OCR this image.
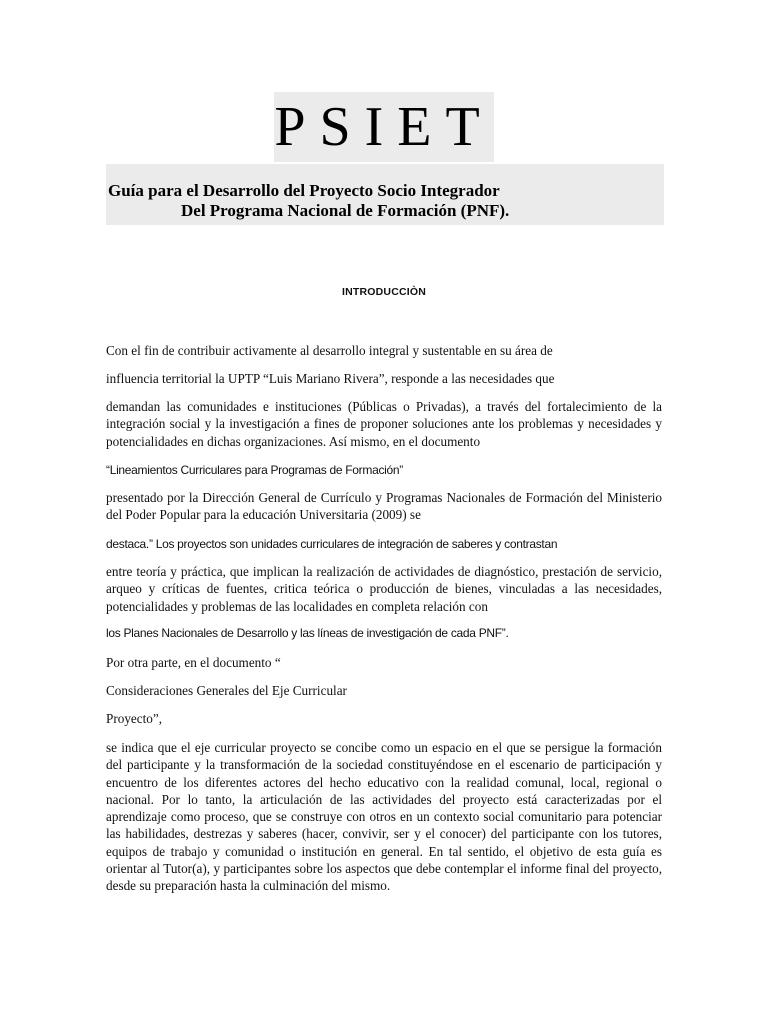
PSIET
Guía para el Desarrollo del Proyecto Socio Integrador
Del Programa Nacional de Formación (PNF).
INTRODUCCIÒN
Con el fin de contribuir activamente al desarrollo integral y sustentable en su área de
influencia territorial la UPTP “Luis Mariano Rivera”, responde a las necesidades que
demandan las comunidades e instituciones (Públicas o Privadas), a través del fortalecimiento de la integración social y la investigación a fines de proponer soluciones ante los problemas y necesidades y potencialidades en dichas organizaciones. Así mismo, en el documento
“Lineamientos Curriculares para Programas de Formación”
presentado por la Dirección General de Currículo y Programas Nacionales de Formación del Ministerio del Poder Popular para la educación Universitaria (2009) se
destaca.” Los proyectos son unidades curriculares de integración de saberes y contrastan
entre teoría y práctica, que implican la realización de actividades de diagnóstico, prestación de servicio, arqueo y críticas de fuentes, critica teórica o producción de bienes, vinculadas a las necesidades, potencialidades y problemas de las localidades en completa relación con
los Planes Nacionales de Desarrollo y las líneas de investigación de cada PNF”.
Por otra parte, en el documento “
Consideraciones Generales del Eje Curricular
Proyecto”,
se indica que el eje curricular proyecto se concibe como un espacio en el que se persigue la formación del participante y la transformación de la sociedad constituyéndose en el escenario de participación y encuentro de los diferentes actores del hecho educativo con la realidad comunal, local, regional o nacional. Por lo tanto, la articulación de las actividades del proyecto está caracterizadas por el aprendizaje como proceso, que se construye con otros en un contexto social comunitario para potenciar las habilidades, destrezas y saberes (hacer, convivir, ser y el conocer) del participante con los tutores, equipos de trabajo y comunidad o institución en general. En tal sentido, el objetivo de esta guía es orientar al Tutor(a), y participantes sobre los aspectos que debe contemplar el informe final del proyecto, desde su preparación hasta la culminación del mismo.
